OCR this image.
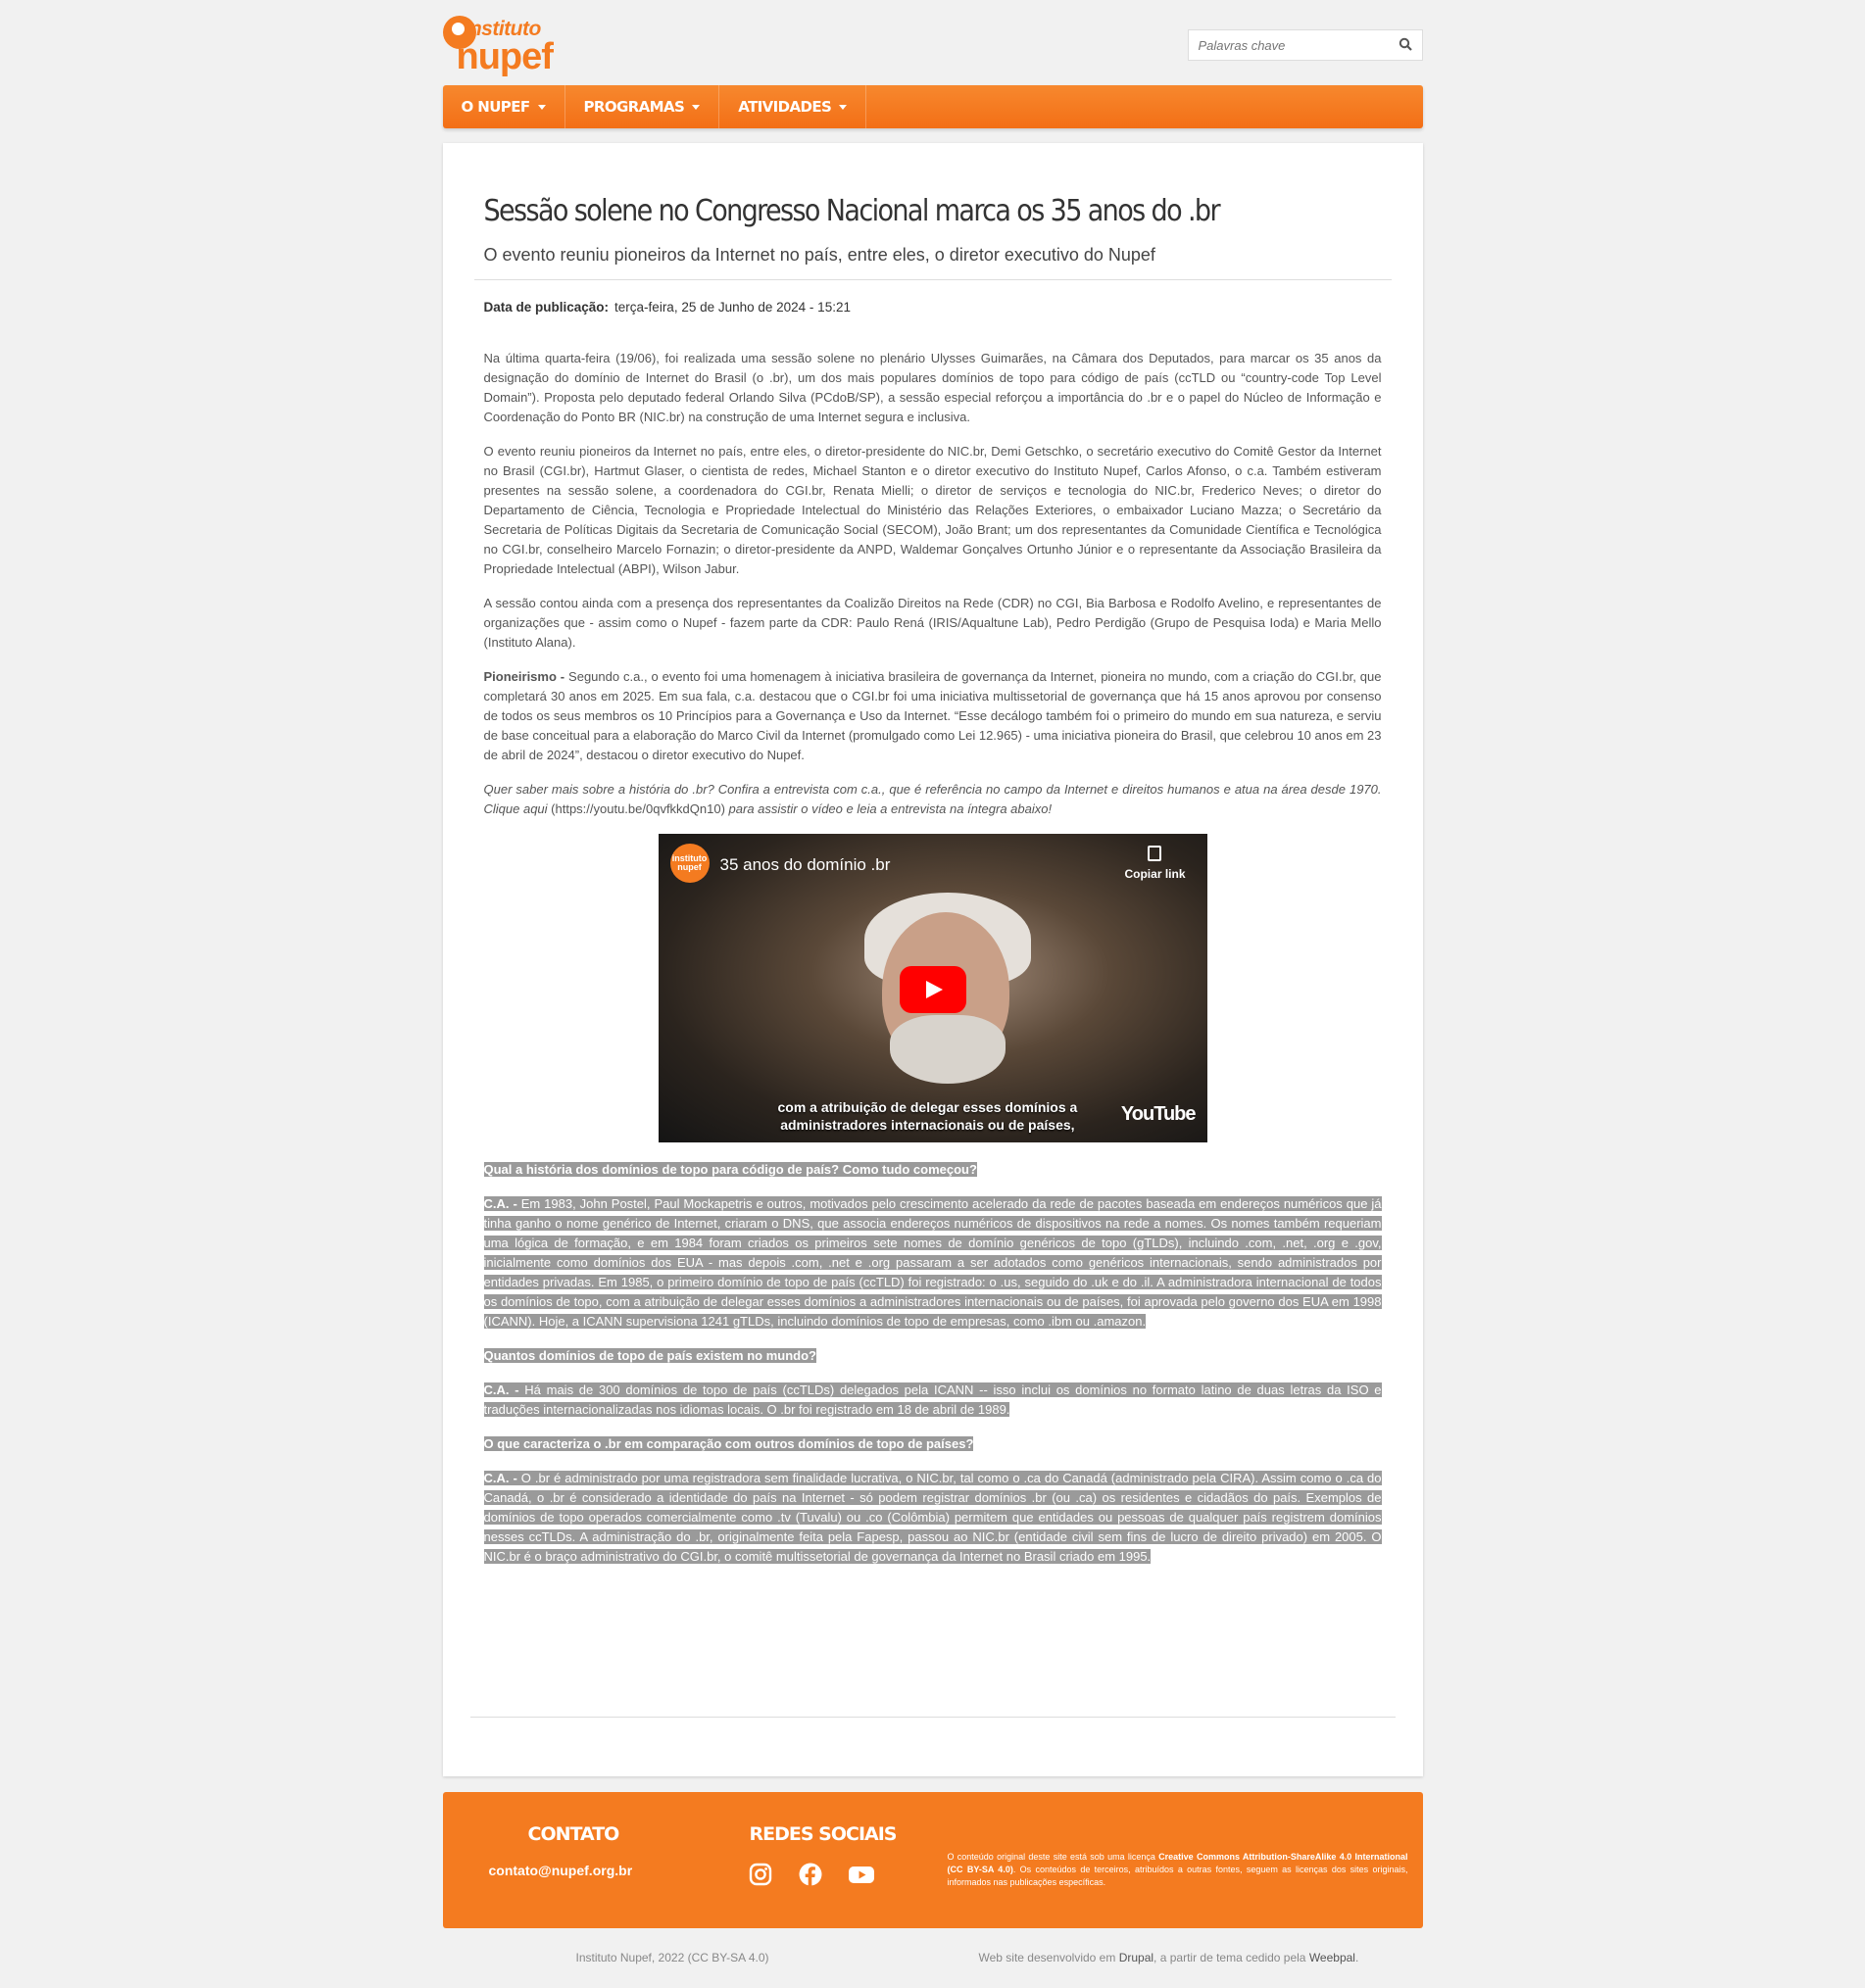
instituto
nupef
Palavras chave
O NUPEF	PROGRAMAS	ATIVIDADES
Sessão solene no Congresso Nacional marca os 35 anos do .br

O evento reuniu pioneiros da Internet no país, entre eles, o diretor executivo do Nupef

Data de publicação: terça-feira, 25 de Junho de 2024 - 15:21

Na última quarta-feira (19/06), foi realizada uma sessão solene no plenário Ulysses Guimarães, na Câmara dos Deputados, para marcar os 35 anos da designação do domínio de Internet do Brasil (o .br), um dos mais populares domínios de topo para código de país (ccTLD ou “country-code Top Level Domain”). Proposta pelo deputado federal Orlando Silva (PCdoB/SP), a sessão especial reforçou a importância do .br e o papel do Núcleo de Informação e Coordenação do Ponto BR (NIC.br) na construção de uma Internet segura e inclusiva.

O evento reuniu pioneiros da Internet no país, entre eles, o diretor-presidente do NIC.br, Demi Getschko, o secretário executivo do Comitê Gestor da Internet no Brasil (CGI.br), Hartmut Glaser, o cientista de redes, Michael Stanton e o diretor executivo do Instituto Nupef, Carlos Afonso, o c.a. Também estiveram presentes na sessão solene, a coordenadora do CGI.br, Renata Mielli; o diretor de serviços e tecnologia do NIC.br, Frederico Neves; o diretor do Departamento de Ciência, Tecnologia e Propriedade Intelectual do Ministério das Relações Exteriores, o embaixador Luciano Mazza; o Secretário da Secretaria de Políticas Digitais da Secretaria de Comunicação Social (SECOM), João Brant; um dos representantes da Comunidade Científica e Tecnológica no CGI.br, conselheiro Marcelo Fornazin; o diretor-presidente da ANPD, Waldemar Gonçalves Ortunho Júnior e o representante da Associação Brasileira da Propriedade Intelectual (ABPI), Wilson Jabur.

A sessão contou ainda com a presença dos representantes da Coalizão Direitos na Rede (CDR) no CGI, Bia Barbosa e Rodolfo Avelino, e representantes de organizações que - assim como o Nupef - fazem parte da CDR: Paulo Rená (IRIS/Aqualtune Lab), Pedro Perdigão (Grupo de Pesquisa Ioda) e Maria Mello (Instituto Alana).

Pioneirismo - Segundo c.a., o evento foi uma homenagem à iniciativa brasileira de governança da Internet, pioneira no mundo, com a criação do CGI.br, que completará 30 anos em 2025. Em sua fala, c.a. destacou que o CGI.br foi uma iniciativa multissetorial de governança que há 15 anos aprovou por consenso de todos os seus membros os 10 Princípios para a Governança e Uso da Internet. “Esse decálogo também foi o primeiro do mundo em sua natureza, e serviu de base conceitual para a elaboração do Marco Civil da Internet (promulgado como Lei 12.965) - uma iniciativa pioneira do Brasil, que celebrou 10 anos em 23 de abril de 2024”, destacou o diretor executivo do Nupef.

Quer saber mais sobre a história do .br? Confira a entrevista com c.a., que é referência no campo da Internet e direitos humanos e atua na área desde 1970. Clique aqui (https://youtu.be/0qvfkkdQn10) para assistir o vídeo e leia a entrevista na íntegra abaixo!

instituto nupef	35 anos do domínio .br	Copiar link
com a atribuição de delegar esses domínios a
administradores internacionais ou de países, YouTube

Qual a história dos domínios de topo para código de país? Como tudo começou?

C.A. - Em 1983, John Postel, Paul Mockapetris e outros, motivados pelo crescimento acelerado da rede de pacotes baseada em endereços numéricos que já tinha ganho o nome genérico de Internet, criaram o DNS, que associa endereços numéricos de dispositivos na rede a nomes. Os nomes também requeriam uma lógica de formação, e em 1984 foram criados os primeiros sete nomes de domínio genéricos de topo (gTLDs), incluindo .com, .net, .org e .gov, inicialmente como domínios dos EUA - mas depois .com, .net e .org passaram a ser adotados como genéricos internacionais, sendo administrados por entidades privadas. Em 1985, o primeiro domínio de topo de país (ccTLD) foi registrado: o .us, seguido do .uk e do .il. A administradora internacional de todos os domínios de topo, com a atribuição de delegar esses domínios a administradores internacionais ou de países, foi aprovada pelo governo dos EUA em 1998 (ICANN). Hoje, a ICANN supervisiona 1241 gTLDs, incluindo domínios de topo de empresas, como .ibm ou .amazon.

Quantos domínios de topo de país existem no mundo?

C.A. - Há mais de 300 domínios de topo de país (ccTLDs) delegados pela ICANN -- isso inclui os domínios no formato latino de duas letras da ISO e traduções internacionalizadas nos idiomas locais. O .br foi registrado em 18 de abril de 1989.

O que caracteriza o .br em comparação com outros domínios de topo de países?

C.A. - O .br é administrado por uma registradora sem finalidade lucrativa, o NIC.br, tal como o .ca do Canadá (administrado pela CIRA). Assim como o .ca do Canadá, o .br é considerado a identidade do país na Internet - só podem registrar domínios .br (ou .ca) os residentes e cidadãos do país. Exemplos de domínios de topo operados comercialmente como .tv (Tuvalu) ou .co (Colômbia) permitem que entidades ou pessoas de qualquer país registrem domínios nesses ccTLDs. A administração do .br, originalmente feita pela Fapesp, passou ao NIC.br (entidade civil sem fins de lucro de direito privado) em 2005. O NIC.br é o braço administrativo do CGI.br, o comitê multissetorial de governança da Internet no Brasil criado em 1995.

CONTATO
contato@nupef.org.br
REDES SOCIAIS
O conteúdo original deste site está sob uma licença Creative Commons Attribution-ShareAlike 4.0 International (CC BY-SA 4.0). Os conteúdos de terceiros, atribuídos a outras fontes, seguem as licenças dos sites originais, informados nas publicações específicas.
Instituto Nupef, 2022 (CC BY-SA 4.0)	Web site desenvolvido em Drupal, a partir de tema cedido pela Weebpal.
